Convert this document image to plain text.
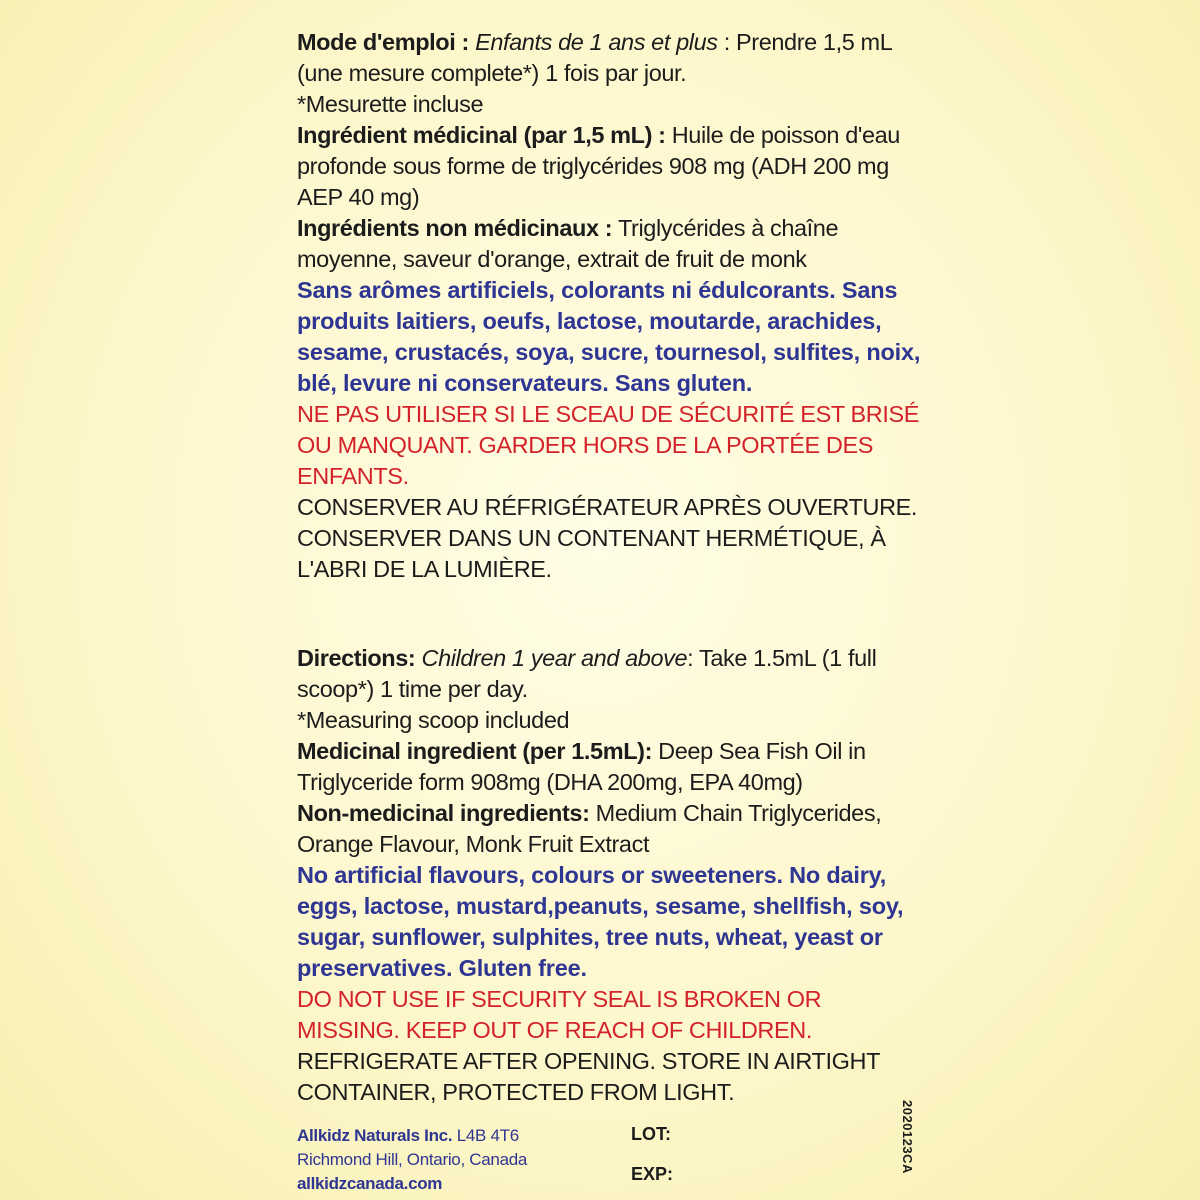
Mode d'emploi : Enfants de 1 ans et plus : Prendre 1,5 mL (une mesure complete*) 1 fois par jour.

*Mesurette incluse

Ingrédient médicinal (par 1,5 mL) : Huile de poisson d'eau profonde sous forme de triglycérides 908 mg (ADH 200 mg AEP 40 mg)

Ingrédients non médicinaux : Triglycérides à chaîne moyenne, saveur d'orange, extrait de fruit de monk

Sans arômes artificiels, colorants ni édulcorants. Sans produits laitiers, oeufs, lactose, moutarde, arachides, sesame, crustacés, soya, sucre, tournesol, sulfites, noix, blé, levure ni conservateurs. Sans gluten.

NE PAS UTILISER SI LE SCEAU DE SÉCURITÉ EST BRISÉ OU MANQUANT. GARDER HORS DE LA PORTÉE DES ENFANTS.

CONSERVER AU RÉFRIGÉRATEUR APRÈS OUVERTURE. CONSERVER DANS UN CONTENANT HERMÉTIQUE, À L'ABRI DE LA LUMIÈRE.

Directions: Children 1 year and above: Take 1.5mL (1 full scoop*) 1 time per day.

*Measuring scoop included

Medicinal ingredient (per 1.5mL): Deep Sea Fish Oil in Triglyceride form 908mg (DHA 200mg, EPA 40mg)

Non-medicinal ingredients: Medium Chain Triglycerides, Orange Flavour, Monk Fruit Extract

No artificial flavours, colours or sweeteners. No dairy, eggs, lactose, mustard,peanuts, sesame, shellfish, soy, sugar, sunflower, sulphites, tree nuts, wheat, yeast or preservatives. Gluten free.

DO NOT USE IF SECURITY SEAL IS BROKEN OR MISSING. KEEP OUT OF REACH OF CHILDREN.

REFRIGERATE AFTER OPENING. STORE IN AIRTIGHT CONTAINER, PROTECTED FROM LIGHT.

Allkidz Naturals Inc. L4B 4T6

Richmond Hill, Ontario, Canada

allkidzcanada.com

LOT:
EXP:
2020123CA
